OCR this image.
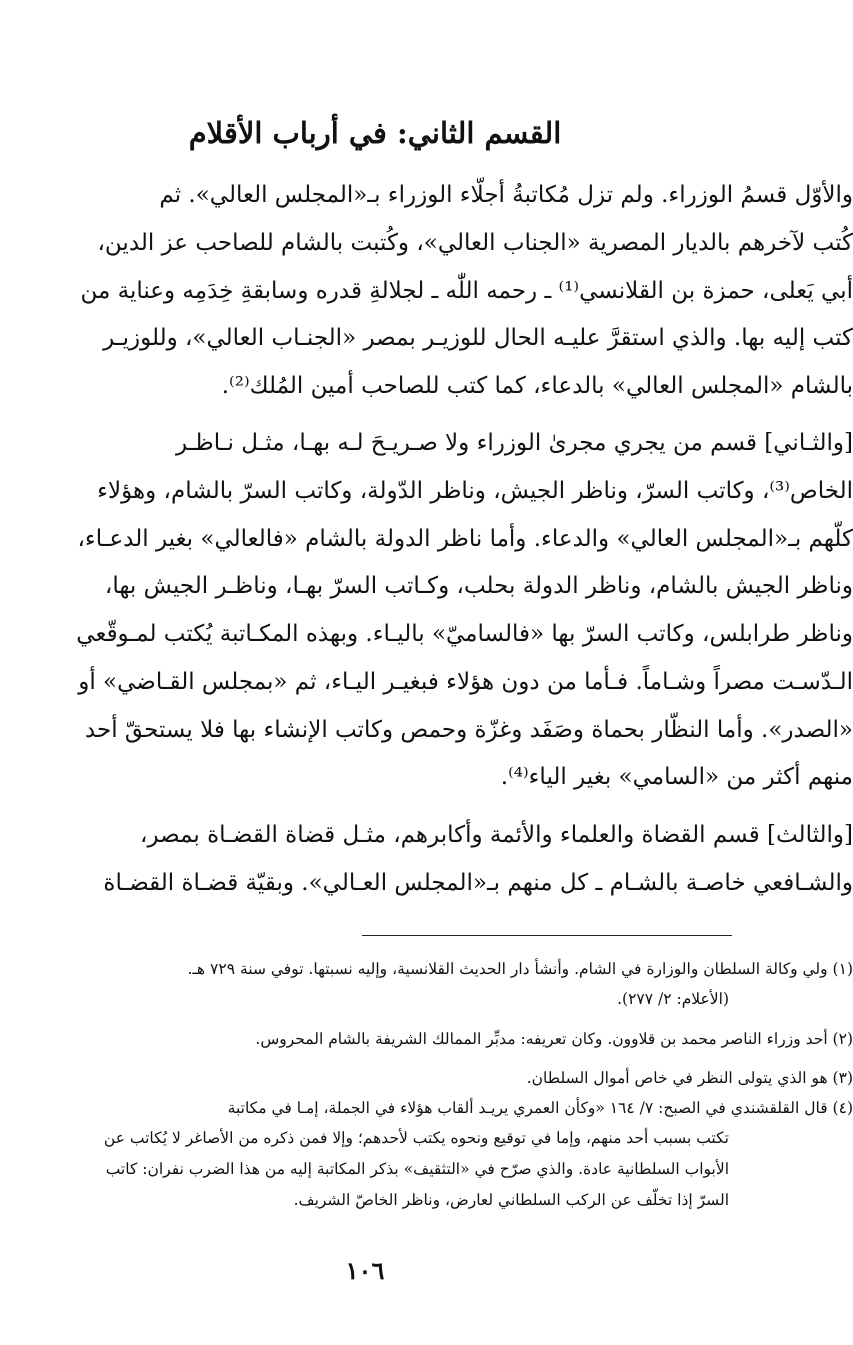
القسم الثاني: في أرباب الأقلام
والأوّل قسمُ الوزراء. ولم تزل مُكاتبةُ أجلّاء الوزراء بـ«المجلس العالي». ثم
كُتب لآخرهم بالديار المصرية «الجناب العالي»، وكُتبت بالشام للصاحب عز الدين،
أبي يَعلى، حمزة بن القلانسي⁽¹⁾ ـ رحمه اللّٰه ـ لجلالةِ قدره وسابقةِ خِدَمِه وعناية من
كتب إليه بها. والذي استقرَّ عليـه الحال للوزيـر بمصر «الجنـاب العالي»، وللوزيـر
بالشام «المجلس العالي» بالدعاء، كما كتب للصاحب أمين المُلك⁽²⁾.
[والثـاني] قسم من يجري مجرىٰ الوزراء ولا صـريـحَ لـه بهـا، مثـل نـاظـر
الخاص⁽³⁾، وكاتب السرّ، وناظر الجيش، وناظر الدّولة، وكاتب السرّ بالشام، وهؤلاء
كلّهم بـ«المجلس العالي» والدعاء. وأما ناظر الدولة بالشام «فالعالي» بغير الدعـاء،
وناظر الجيش بالشام، وناظر الدولة بحلب، وكـاتب السرّ بهـا، وناظـر الجيش بها،
وناظر طرابلس، وكاتب السرّ بها «فالساميّ» باليـاء. وبهذه المكـاتبة يُكتب لمـوقّعي
الـدّسـت مصراً وشـاماً. فـأما من دون هؤلاء فبغيـر اليـاء، ثم «بمجلس القـاضي» أو
«الصدر». وأما النظّار بحماة وصَفَد وغزّة وحمص وكاتب الإنشاء بها فلا يستحقّ أحد
منهم أكثر من «السامي» بغير الياء⁽⁴⁾.
[والثالث] قسم القضاة والعلماء والأئمة وأكابرهم، مثـل قضاة القضـاة بمصر،
والشـافعي خاصـة بالشـام ـ كل منهم بـ«المجلس العـالي». وبقيّة قضـاة القضـاة
(١) ولي وكالة السلطان والوزارة في الشام. وأنشأ دار الحديث القلانسية، وإليه نسبتها. توفي سنة ٧٢٩ هـ.
(الأعلام: ٢/ ٢٧٧).
(٢) أحد وزراء الناصر محمد بن قلاوون. وكان تعريفه: مدبِّر الممالك الشريفة بالشام المحروس.
(٣) هو الذي يتولى النظر في خاص أموال السلطان.
(٤) قال القلقشندي في الصبح: ٧/ ١٦٤ «وكأن العمري يريـد ألقاب هؤلاء في الجملة، إمـا في مكاتبة
تكتب بسبب أحد منهم، وإما في توقيع ونحوه يكتب لأحدهم؛ وإلا فمن ذكره من الأصاغر لا يُكاتب عن
الأبواب السلطانية عادة. والذي صرّح في «التثقيف» بذكر المكاتبة إليه من هذا الضرب نفران: كاتب
السرّ إذا تخلّف عن الركب السلطاني لعارض، وناظر الخاصّ الشريف.
١٠٦
